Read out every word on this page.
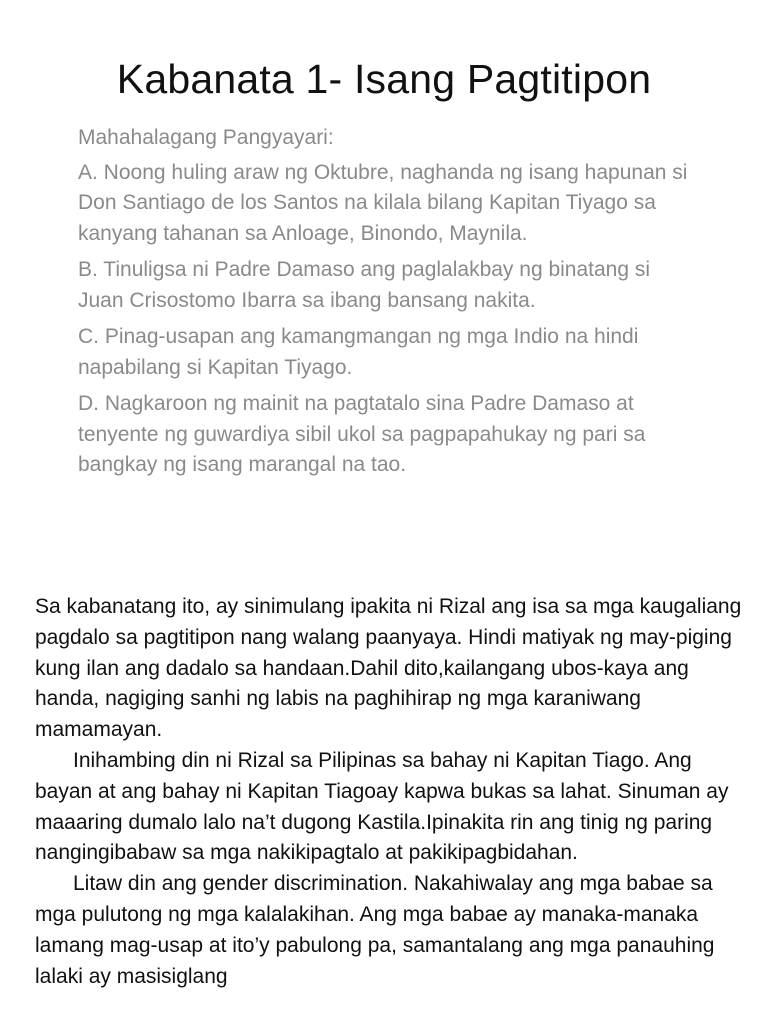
Kabanata 1- Isang Pagtitipon
Mahahalagang Pangyayari:
A. Noong huling araw ng Oktubre, naghanda ng isang hapunan si Don Santiago de los Santos na kilala bilang Kapitan Tiyago sa kanyang tahanan sa Anloage, Binondo, Maynila.
B. Tinuligsa ni Padre Damaso ang paglalakbay ng binatang si Juan Crisostomo Ibarra sa ibang bansang nakita.
C. Pinag-usapan ang kamangmangan ng mga Indio na hindi napabilang si Kapitan Tiyago.
D. Nagkaroon ng mainit na pagtatalo sina Padre Damaso at tenyente ng guwardiya sibil ukol sa pagpapahukay ng pari sa bangkay ng isang marangal na tao.

Sa kabanatang ito, ay sinimulang ipakita ni Rizal ang isa sa mga kaugaliang pagdalo sa pagtitipon nang walang paanyaya. Hindi matiyak ng may-piging kung ilan ang dadalo sa handaan.Dahil dito,kailangang ubos-kaya ang handa, nagiging sanhi ng labis na paghihirap ng mga karaniwang mamamayan.

Inihambing din ni Rizal sa Pilipinas sa bahay ni Kapitan Tiago. Ang bayan at ang bahay ni Kapitan Tiagoay kapwa bukas sa lahat. Sinuman ay maaaring dumalo lalo na’t dugong Kastila.Ipinakita rin ang tinig ng paring nangingibabaw sa mga nakikipagtalo at pakikipagbidahan.

Litaw din ang gender discrimination. Nakahiwalay ang mga babae sa mga pulutong ng mga kalalakihan. Ang mga babae ay manaka-manaka lamang mag-usap at ito’y pabulong pa, samantalang ang mga panauhing lalaki ay masisiglang
